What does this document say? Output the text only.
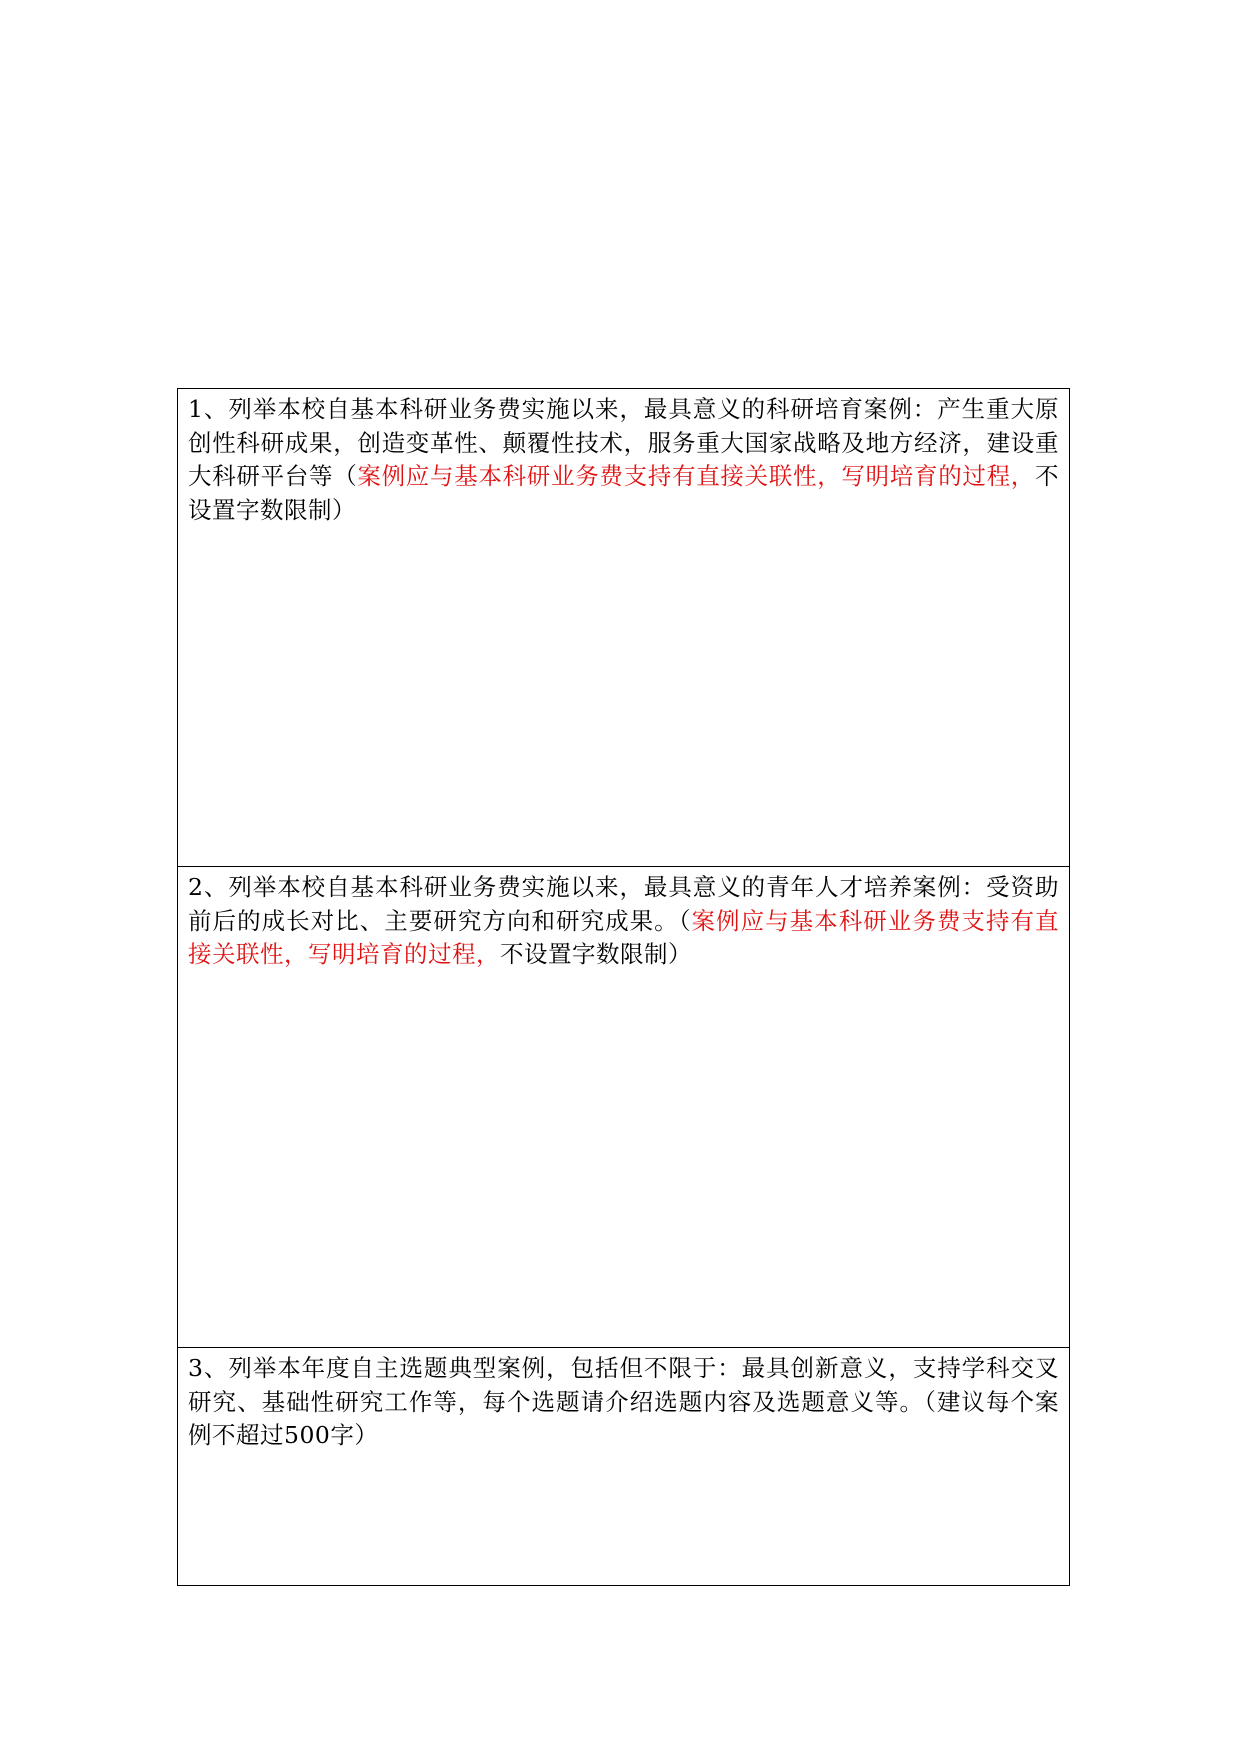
1、列举本校自基本科研业务费实施以来，最具意义的科研培育案例：产生重大原创性科研成果，创造变革性、颠覆性技术，服务重大国家战略及地方经济，建设重大科研平台等（案例应与基本科研业务费支持有直接关联性，写明培育的过程，不设置字数限制）

2、列举本校自基本科研业务费实施以来，最具意义的青年人才培养案例：受资助前后的成长对比、主要研究方向和研究成果。（案例应与基本科研业务费支持有直接关联性，写明培育的过程，不设置字数限制）

3、列举本年度自主选题典型案例，包括但不限于：最具创新意义，支持学科交叉研究、基础性研究工作等，每个选题请介绍选题内容及选题意义等。（建议每个案例不超过500字）
